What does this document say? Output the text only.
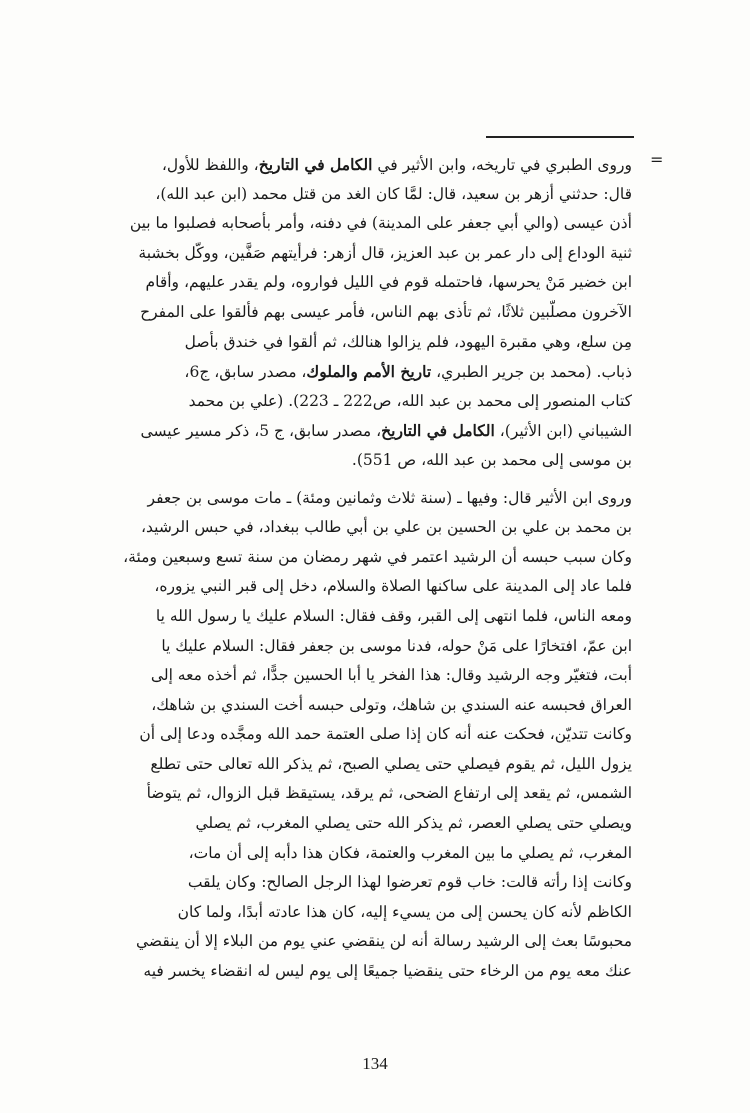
=
وروى الطبري في تاريخه، وابن الأثير في الكامل في التاريخ، واللفظ للأول،
قال: حدثني أزهر بن سعيد، قال: لمَّا كان الغد من قتل محمد (ابن عبد الله)،
أذن عيسى (والي أبي جعفر على المدينة) في دفنه، وأمر بأصحابه فصلبوا ما بين
ثنية الوداع إلى دار عمر بن عبد العزيز، قال أزهر: فرأيتهم صَفَّين، ووكّل بخشبة
ابن خضير مَنْ يحرسها، فاحتمله قوم في الليل فواروه، ولم يقدر عليهم، وأقام
الآخرون مصلّبين ثلاثًا، ثم تأذى بهم الناس، فأمر عيسى بهم فألقوا على المفرح
مِن سلع، وهي مقبرة اليهود، فلم يزالوا هنالك، ثم ألقوا في خندق بأصل
ذباب. (محمد بن جرير الطبري، تاريخ الأمم والملوك، مصدر سابق، ج6،
كتاب المنصور إلى محمد بن عبد الله، ص222 ـ 223). (علي بن محمد
الشيباني (ابن الأثير)، الكامل في التاريخ، مصدر سابق، ج 5، ذكر مسير عيسى
بن موسى إلى محمد بن عبد الله، ص 551).
وروى ابن الأثير قال: وفيها ـ (سنة ثلاث وثمانين ومئة) ـ مات موسى بن جعفر
بن محمد بن علي بن الحسين بن علي بن أبي طالب ببغداد، في حبس الرشيد،
وكان سبب حبسه أن الرشيد اعتمر في شهر رمضان من سنة تسع وسبعين ومئة،
فلما عاد إلى المدينة على ساكنها الصلاة والسلام، دخل إلى قبر النبي يزوره،
ومعه الناس، فلما انتهى إلى القبر، وقف فقال: السلام عليك يا رسول الله يا
ابن عمّ، افتخارًا على مَنْ حوله، فدنا موسى بن جعفر فقال: السلام عليك يا
أبت، فتغيّر وجه الرشيد وقال: هذا الفخر يا أبا الحسين جدًّا، ثم أخذه معه إلى
العراق فحبسه عنه السندي بن شاهك، وتولى حبسه أخت السندي بن شاهك،
وكانت تتديّن، فحكت عنه أنه كان إذا صلى العتمة حمد الله ومجَّده ودعا إلى أن
يزول الليل، ثم يقوم فيصلي حتى يصلي الصبح، ثم يذكر الله تعالى حتى تطلع
الشمس، ثم يقعد إلى ارتفاع الضحى، ثم يرقد، يستيقظ قبل الزوال، ثم يتوضأ
ويصلي حتى يصلي العصر، ثم يذكر الله حتى يصلي المغرب، ثم يصلي
المغرب، ثم يصلي ما بين المغرب والعتمة، فكان هذا دأبه إلى أن مات،
وكانت إذا رأته قالت: خاب قوم تعرضوا لهذا الرجل الصالح: وكان يلقب
الكاظم لأنه كان يحسن إلى من يسيء إليه، كان هذا عادته أبدًا، ولما كان
محبوسًا بعث إلى الرشيد رسالة أنه لن ينقضي عني يوم من البلاء إلا أن ينقضي
عنك معه يوم من الرخاء حتى ينقضيا جميعًا إلى يوم ليس له انقضاء يخسر فيه
134
